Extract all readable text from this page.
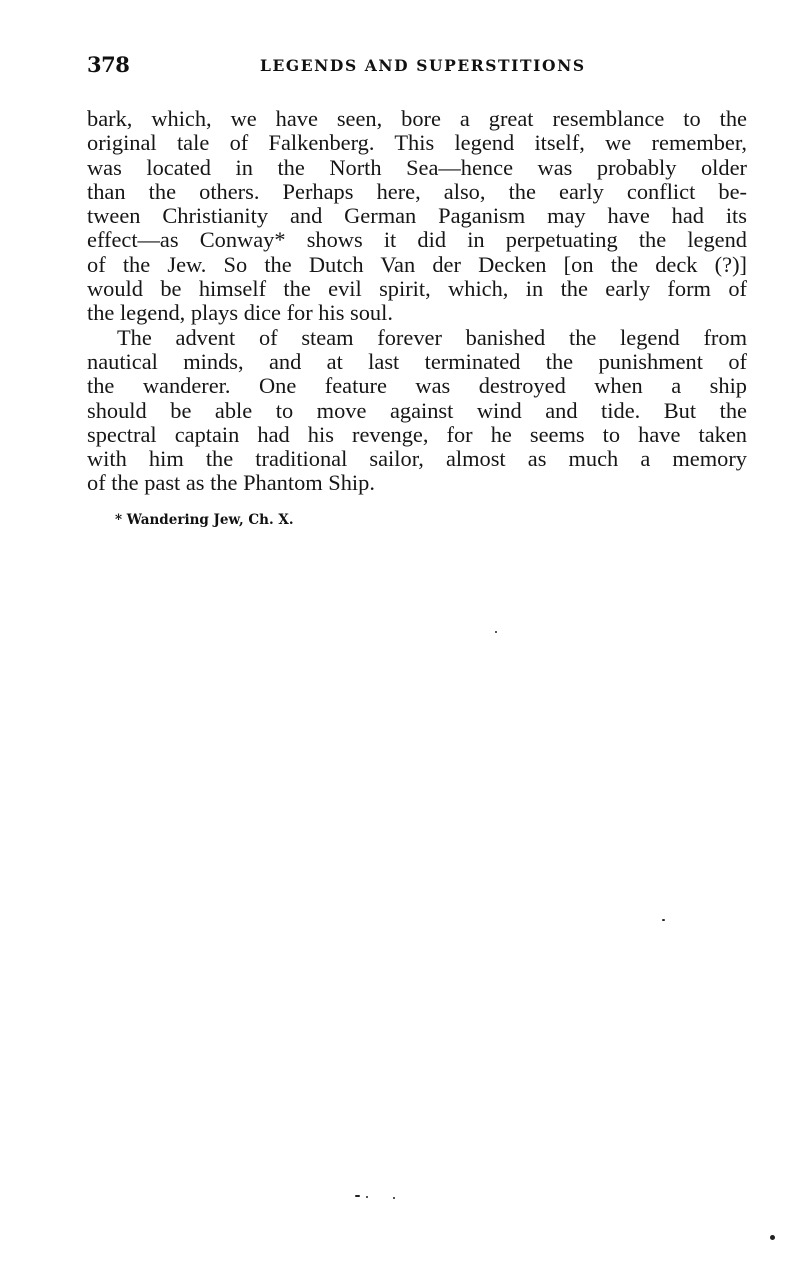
378	LEGENDS AND SUPERSTITIONS
bark, which, we have seen, bore a great resemblance to the
original tale of Falkenberg. This legend itself, we remember,
was located in the North Sea—hence was probably older
than the others. Perhaps here, also, the early conflict be-
tween Christianity and German Paganism may have had its
effect—as Conway* shows it did in perpetuating the legend
of the Jew. So the Dutch Van der Decken [on the deck (?)]
would be himself the evil spirit, which, in the early form of
the legend, plays dice for his soul.
The advent of steam forever banished the legend from
nautical minds, and at last terminated the punishment of
the wanderer. One feature was destroyed when a ship
should be able to move against wind and tide. But the
spectral captain had his revenge, for he seems to have taken
with him the traditional sailor, almost as much a memory
of the past as the Phantom Ship.
* Wandering Jew, Ch. X.
